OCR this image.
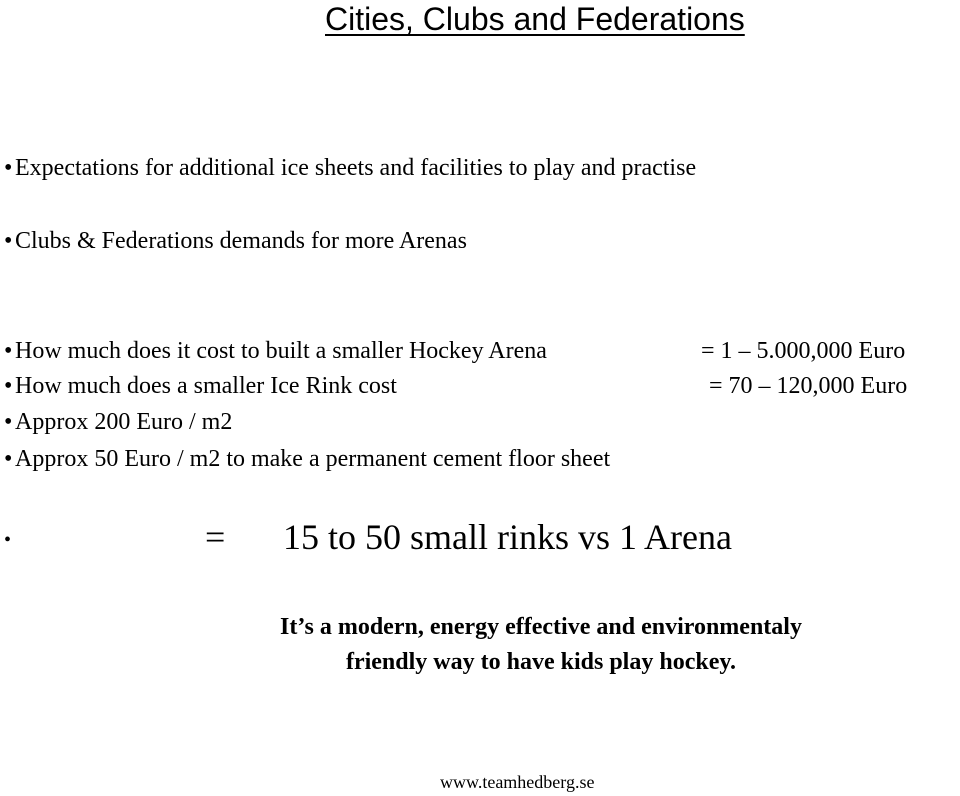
Cities, Clubs and Federations
• Expectations for additional ice sheets and facilities to play and practise
• Clubs & Federations demands for more Arenas
• How much does it cost to built a smaller Hockey Arena	= 1 – 5.000,000 Euro
• How much does a smaller Ice Rink cost	= 70 – 120,000 Euro
• Approx 200 Euro / m2
• Approx 50 Euro / m2 to make a permanent cement floor sheet
•	= 15 to 50 small rinks vs 1 Arena
It’s a modern, energy effective and environmentaly
friendly way to have kids play hockey.
www.teamhedberg.se
